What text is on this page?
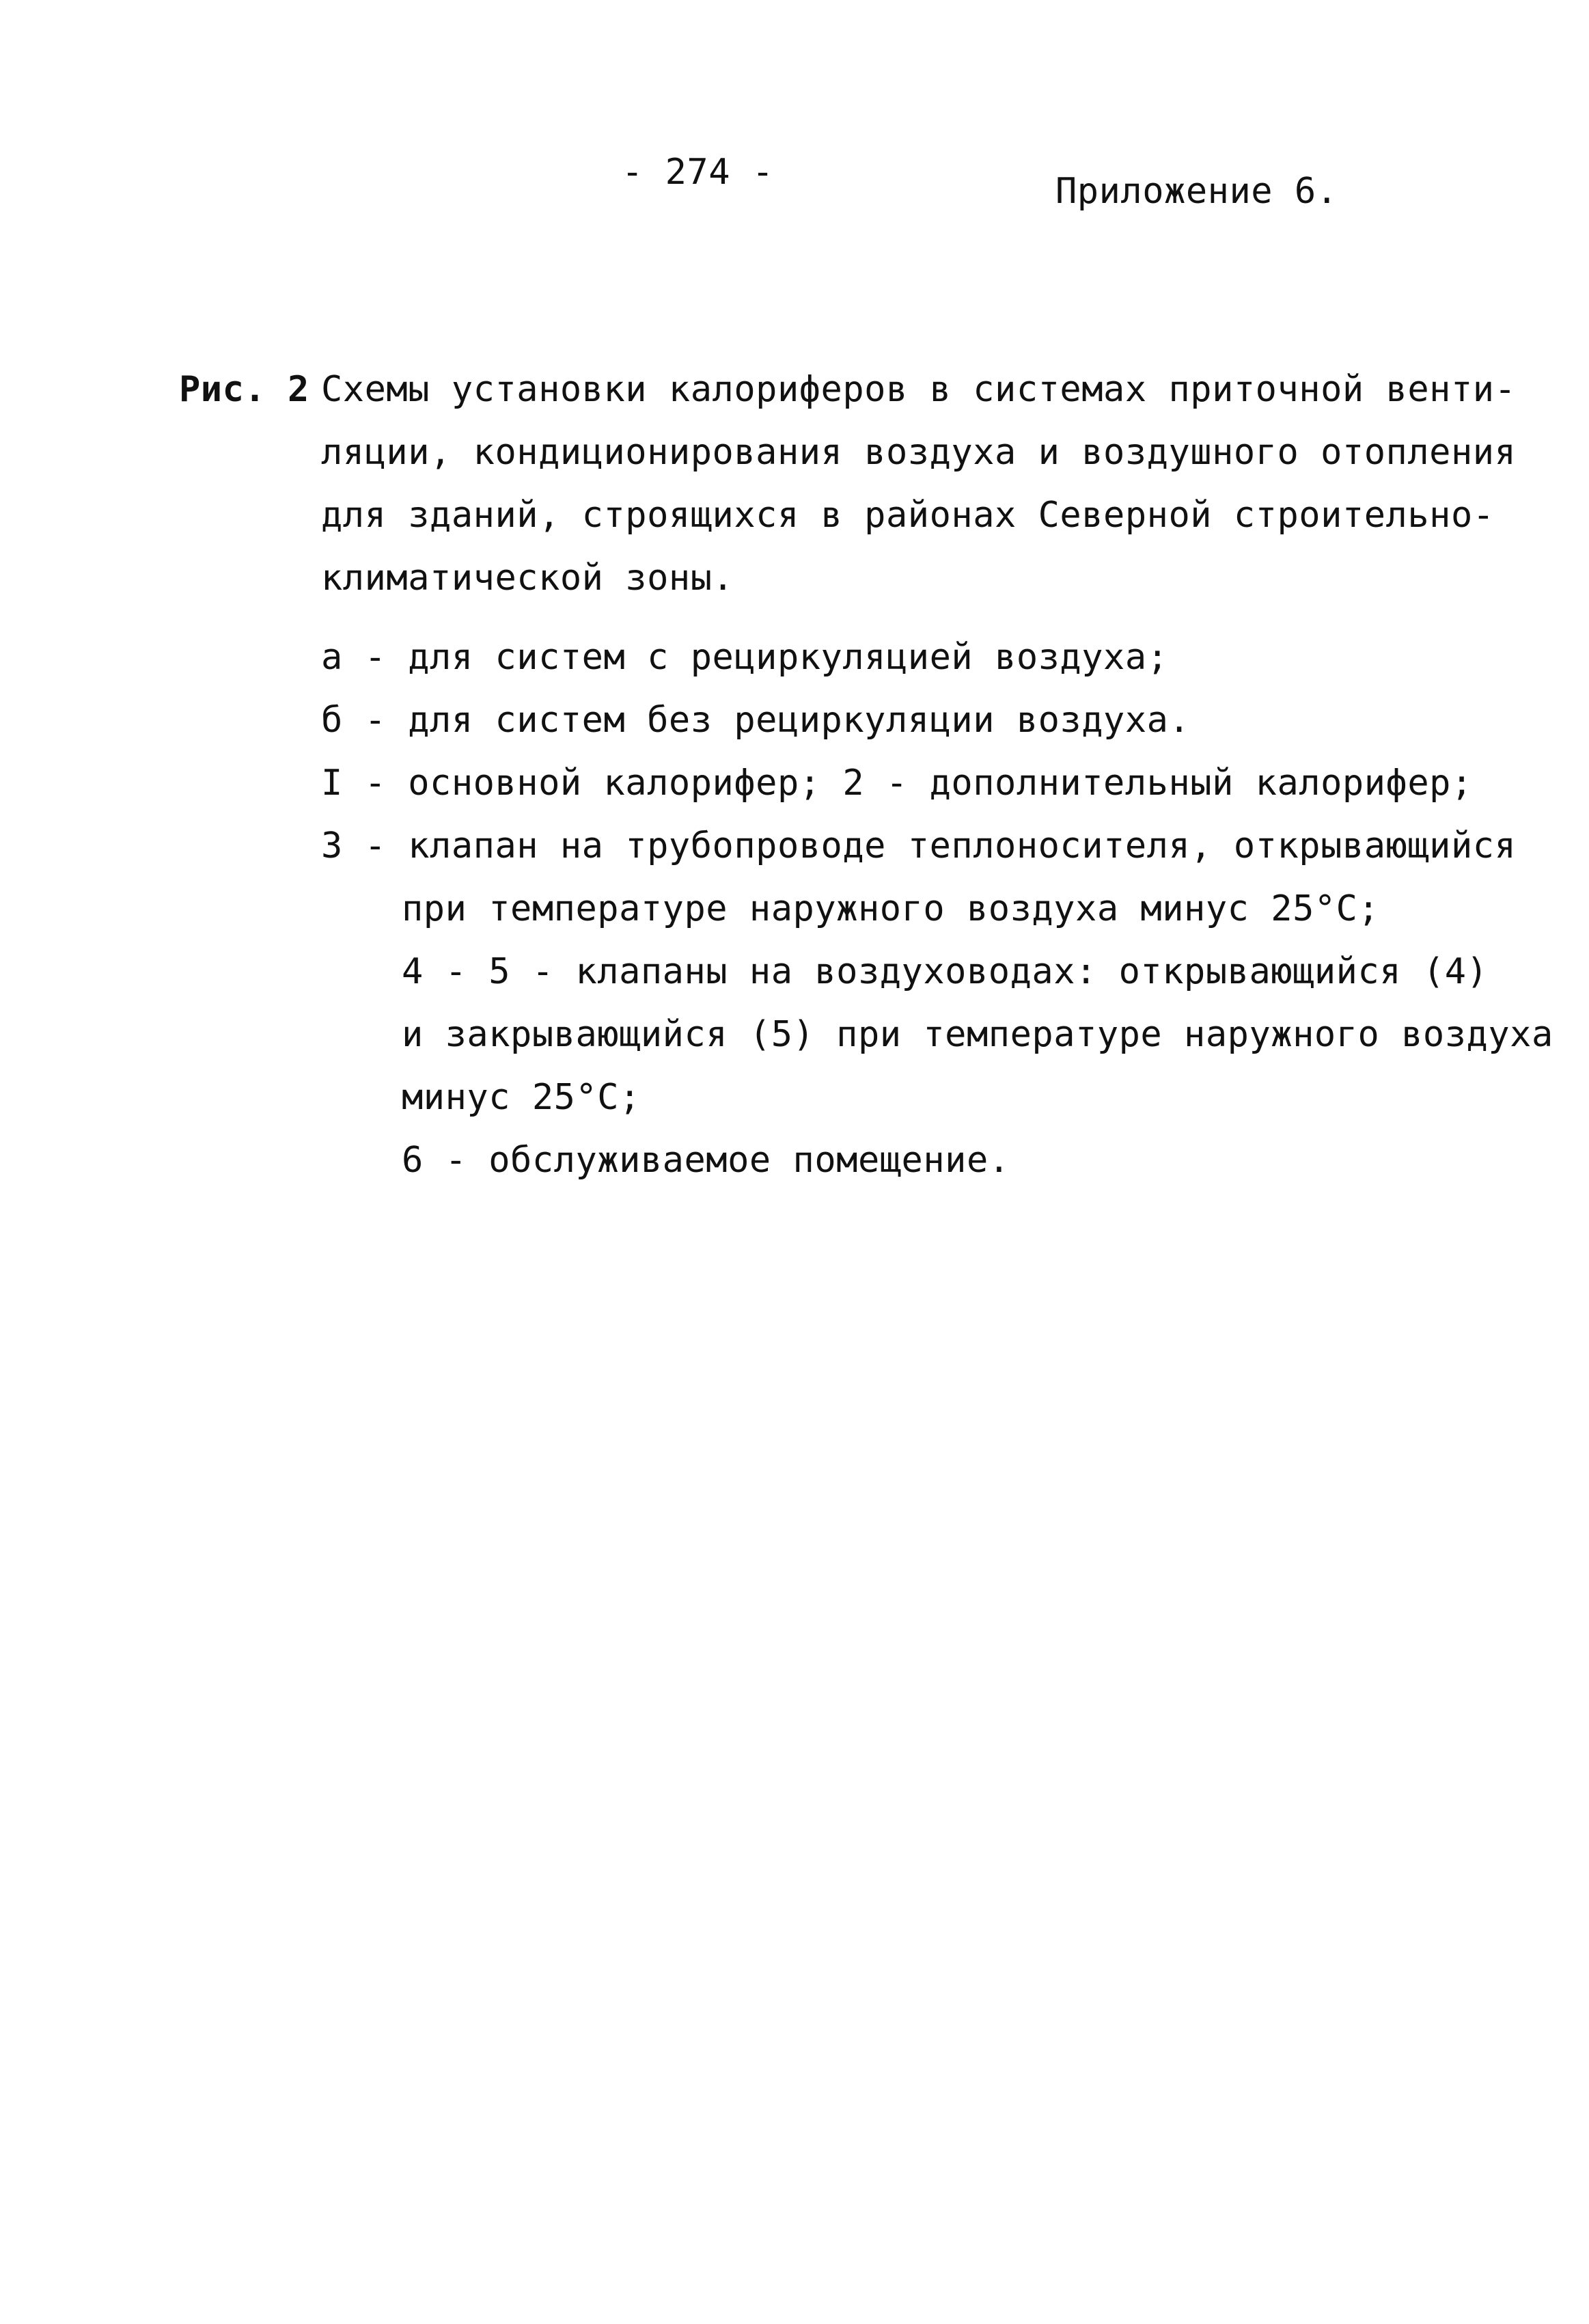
- 274 -	Приложение 6.
Рис. 2 Схемы установки калориферов в системах приточной венти-
ляции, кондиционирования воздуха и воздушного отопления
для зданий, строящихся в районах Северной строительно-
климатической зоны.
а - для систем с рециркуляцией воздуха;
б - для систем без рециркуляции воздуха.
I - основной калорифер; 2 - дополнительный калорифер;
3 - клапан на трубопроводе теплоносителя, открывающийся
при температуре наружного воздуха минус 25°С;
4 - 5 - клапаны на воздуховодах: открывающийся (4)
и закрывающийся (5) при температуре наружного воздуха
минус 25°С;
6 - обслуживаемое помещение.
